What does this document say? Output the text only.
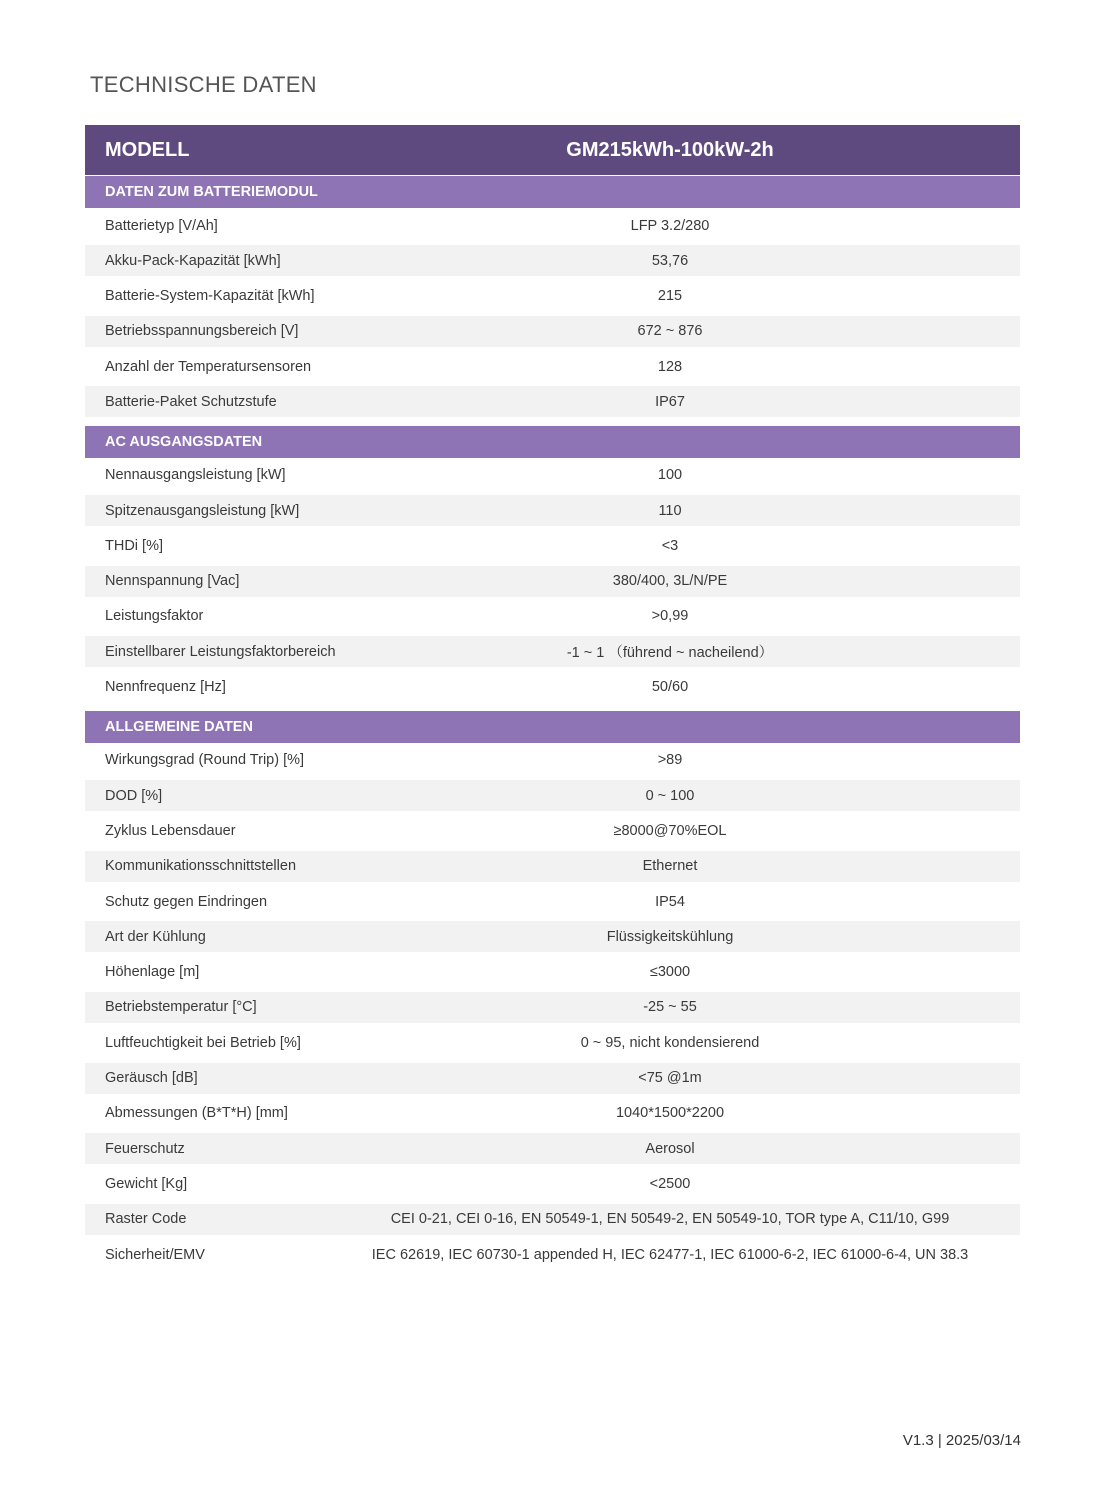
TECHNISCHE DATEN
MODELL	GM215kWh-100kW-2h
DATEN ZUM BATTERIEMODUL
Batterietyp [V/Ah]	LFP 3.2/280
Akku-Pack-Kapazität [kWh]	53,76
Batterie-System-Kapazität [kWh]	215
Betriebsspannungsbereich [V]	672 ~ 876
Anzahl der Temperatursensoren	128
Batterie-Paket Schutzstufe	IP67
AC AUSGANGSDATEN
Nennausgangsleistung [kW]	100
Spitzenausgangsleistung [kW]	110
THDi [%]	<3
Nennspannung [Vac]	380/400, 3L/N/PE
Leistungsfaktor	>0,99
Einstellbarer Leistungsfaktorbereich	-1 ~ 1 （führend ~ nacheilend）
Nennfrequenz [Hz]	50/60
ALLGEMEINE DATEN
Wirkungsgrad (Round Trip) [%]	>89
DOD [%]	0 ~ 100
Zyklus Lebensdauer	≥8000@70%EOL
Kommunikationsschnittstellen	Ethernet
Schutz gegen Eindringen	IP54
Art der Kühlung	Flüssigkeitskühlung
Höhenlage [m]	≤3000
Betriebstemperatur [°C]	-25 ~ 55
Luftfeuchtigkeit bei Betrieb [%]	0 ~ 95, nicht kondensierend
Geräusch [dB]	<75 @1m
Abmessungen (B*T*H) [mm]	1040*1500*2200
Feuerschutz	Aerosol
Gewicht [Kg]	<2500
Raster Code	CEI 0-21, CEI 0-16, EN 50549-1, EN 50549-2, EN 50549-10, TOR type A, C11/10, G99
Sicherheit/EMV	IEC 62619, IEC 60730-1 appended H, IEC 62477-1, IEC 61000-6-2, IEC 61000-6-4, UN 38.3
V1.3 | 2025/03/14
